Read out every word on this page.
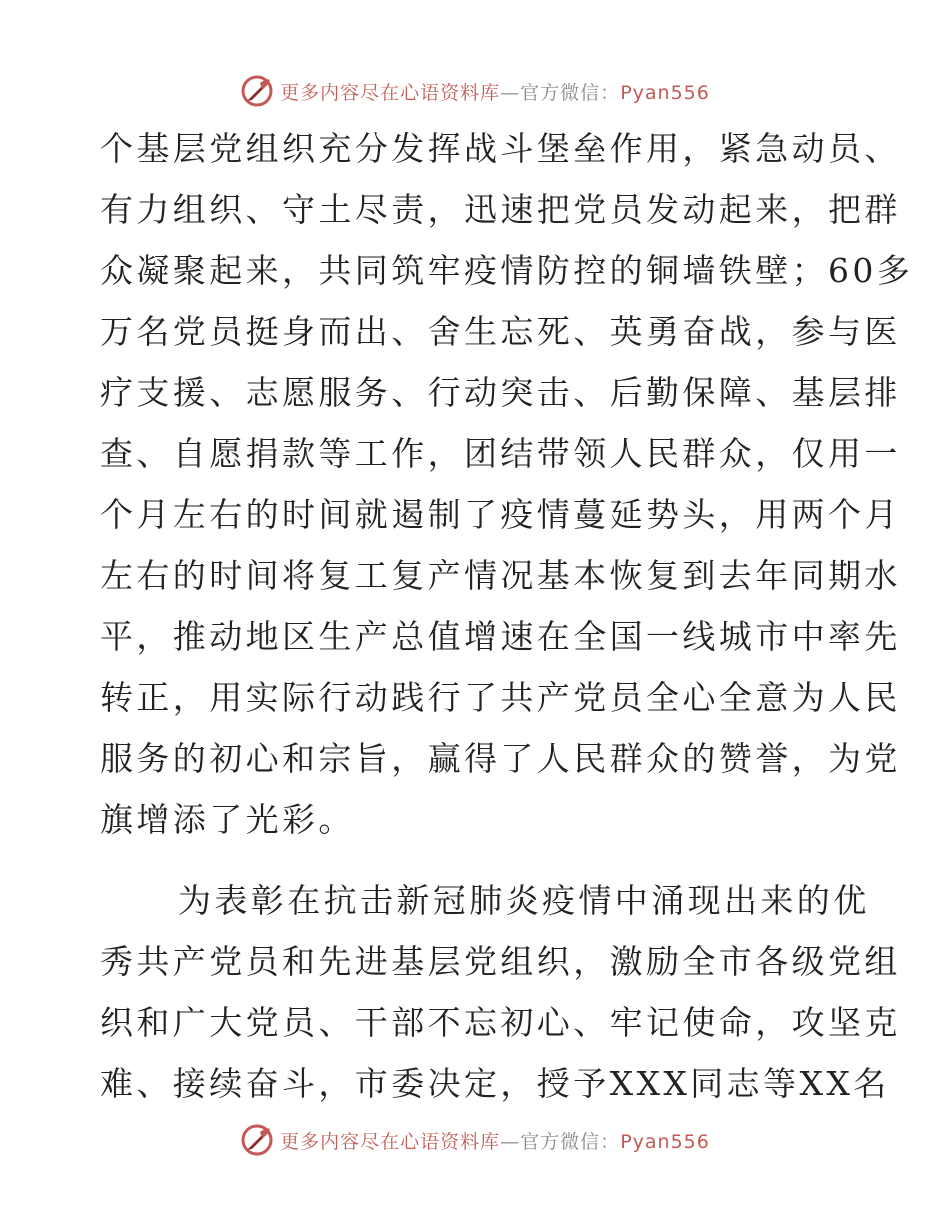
更多内容尽在心语资料库—官方微信：Pyan556
个基层党组织充分发挥战斗堡垒作用，紧急动员、
有力组织、守土尽责，迅速把党员发动起来，把群
众凝聚起来，共同筑牢疫情防控的铜墙铁壁；60多
万名党员挺身而出、舍生忘死、英勇奋战，参与医
疗支援、志愿服务、行动突击、后勤保障、基层排
查、自愿捐款等工作，团结带领人民群众，仅用一
个月左右的时间就遏制了疫情蔓延势头，用两个月
左右的时间将复工复产情况基本恢复到去年同期水
平，推动地区生产总值增速在全国一线城市中率先
转正，用实际行动践行了共产党员全心全意为人民
服务的初心和宗旨，赢得了人民群众的赞誉，为党
旗增添了光彩。
为表彰在抗击新冠肺炎疫情中涌现出来的优
秀共产党员和先进基层党组织，激励全市各级党组
织和广大党员、干部不忘初心、牢记使命，攻坚克
难、接续奋斗，市委决定，授予XXX同志等XX名
更多内容尽在心语资料库—官方微信：Pyan556
